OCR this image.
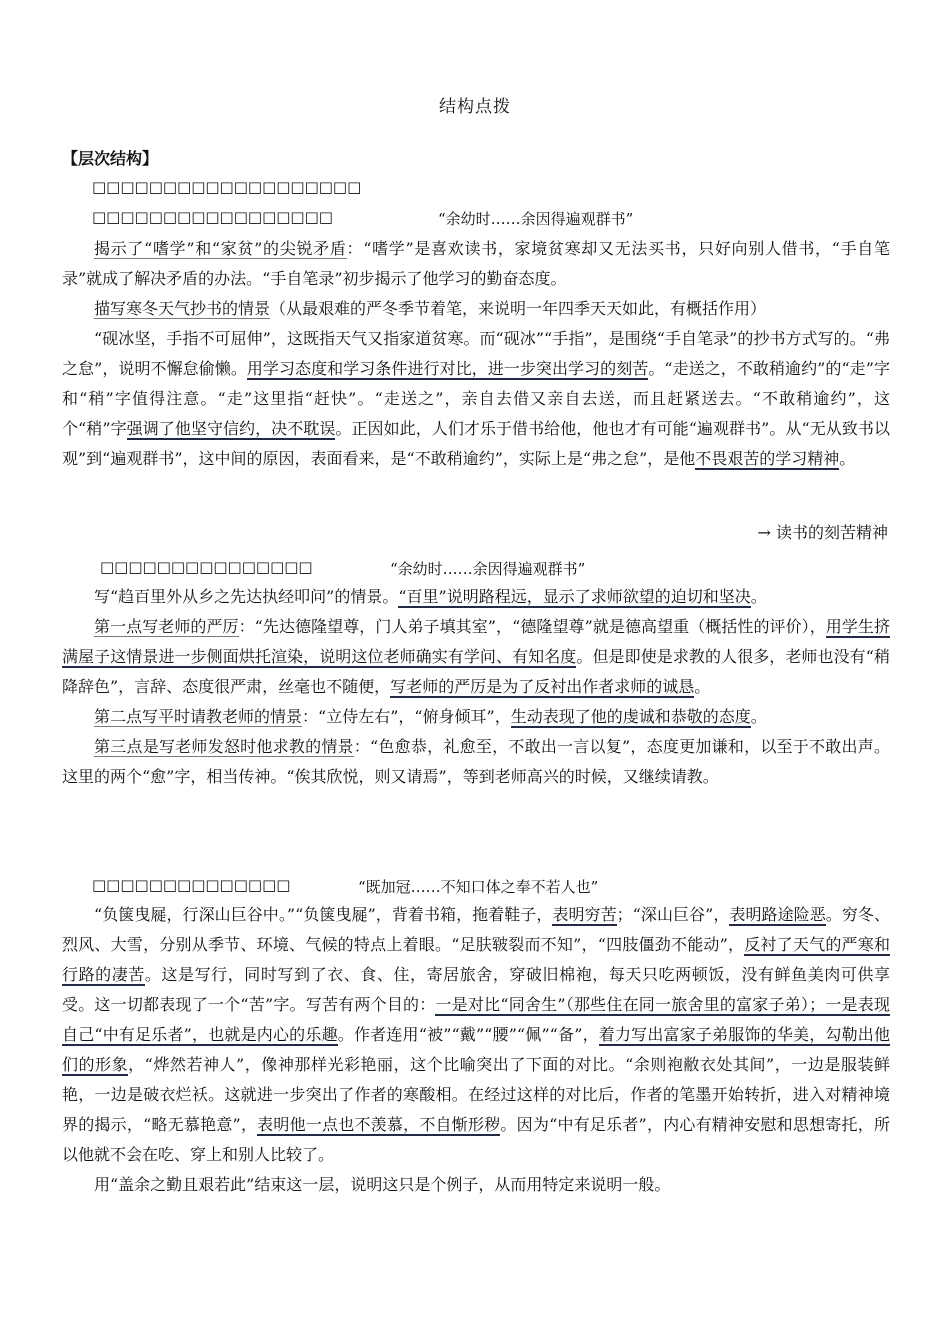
结构点拨
【层次结构】
□□□□□□□□□□□□□□□□□□□
□□□□□□□□□□□□□□□□□	“余幼时……余因得遍观群书”

揭示了“嗜学”和“家贫”的尖锐矛盾：“嗜学”是喜欢读书，家境贫寒却又无法买书，只好向别人借书，“手自笔录”就成了解决矛盾的办法。“手自笔录”初步揭示了他学习的勤奋态度。

描写寒冬天气抄书的情景（从最艰难的严冬季节着笔，来说明一年四季天天如此，有概括作用）

“砚冰坚，手指不可屈伸”，这既指天气又指家道贫寒。而“砚冰”“手指”，是围绕“手自笔录”的抄书方式写的。“弗之怠”，说明不懈怠偷懒。用学习态度和学习条件进行对比，进一步突出学习的刻苦。“走送之，不敢稍逾约”的“走”字和“稍”字值得注意。“走”这里指“赶快”。“走送之”，亲自去借又亲自去送，而且赶紧送去。“不敢稍逾约”，这个“稍”字强调了他坚守信约，决不耽误。正因如此，人们才乐于借书给他，他也才有可能“遍观群书”。从“无从致书以观”到“遍观群书”，这中间的原因，表面看来，是“不敢稍逾约”，实际上是“弗之怠”，是他不畏艰苦的学习精神。

→ 读书的刻苦精神
□□□□□□□□□□□□□□□	“余幼时……余因得遍观群书”

写“趋百里外从乡之先达执经叩问”的情景。“百里”说明路程远，显示了求师欲望的迫切和坚决。

第一点写老师的严厉：“先达德隆望尊，门人弟子填其室”，“德隆望尊”就是德高望重（概括性的评价），用学生挤满屋子这情景进一步侧面烘托渲染，说明这位老师确实有学问、有知名度。但是即使是求教的人很多，老师也没有“稍降辞色”，言辞、态度很严肃，丝毫也不随便，写老师的严厉是为了反衬出作者求师的诚恳。

第二点写平时请教老师的情景：“立侍左右”，“俯身倾耳”，生动表现了他的虔诚和恭敬的态度。

第三点是写老师发怒时他求教的情景：“色愈恭，礼愈至，不敢出一言以复”，态度更加谦和，以至于不敢出声。这里的两个“愈”字，相当传神。“俟其欣悦，则又请焉”，等到老师高兴的时候，又继续请教。

□□□□□□□□□□□□□□	“既加冠……不知口体之奉不若人也”

“负箧曳屣，行深山巨谷中。”“负箧曳屣”，背着书箱，拖着鞋子，表明穷苦；“深山巨谷”，表明路途险恶。穷冬、烈风、大雪，分别从季节、环境、气候的特点上着眼。“足肤皲裂而不知”，“四肢僵劲不能动”，反衬了天气的严寒和行路的凄苦。这是写行，同时写到了衣、食、住，寄居旅舍，穿破旧棉袍，每天只吃两顿饭，没有鲜鱼美肉可供享受。这一切都表现了一个“苦”字。写苦有两个目的：一是对比“同舍生”（那些住在同一旅舍里的富家子弟）；一是表现自己“中有足乐者”，也就是内心的乐趣。作者连用“被”“戴”“腰”“佩”“备”，着力写出富家子弟服饰的华美，勾勒出他们的形象，“烨然若神人”，像神那样光彩艳丽，这个比喻突出了下面的对比。“余则袍敝衣处其间”，一边是服装鲜艳，一边是破衣烂袄。这就进一步突出了作者的寒酸相。在经过这样的对比后，作者的笔墨开始转折，进入对精神境界的揭示，“略无慕艳意”，表明他一点也不羡慕，不自惭形秽。因为“中有足乐者”，内心有精神安慰和思想寄托，所以他就不会在吃、穿上和别人比较了。

用“盖余之勤且艰若此”结束这一层，说明这只是个例子，从而用特定来说明一般。
